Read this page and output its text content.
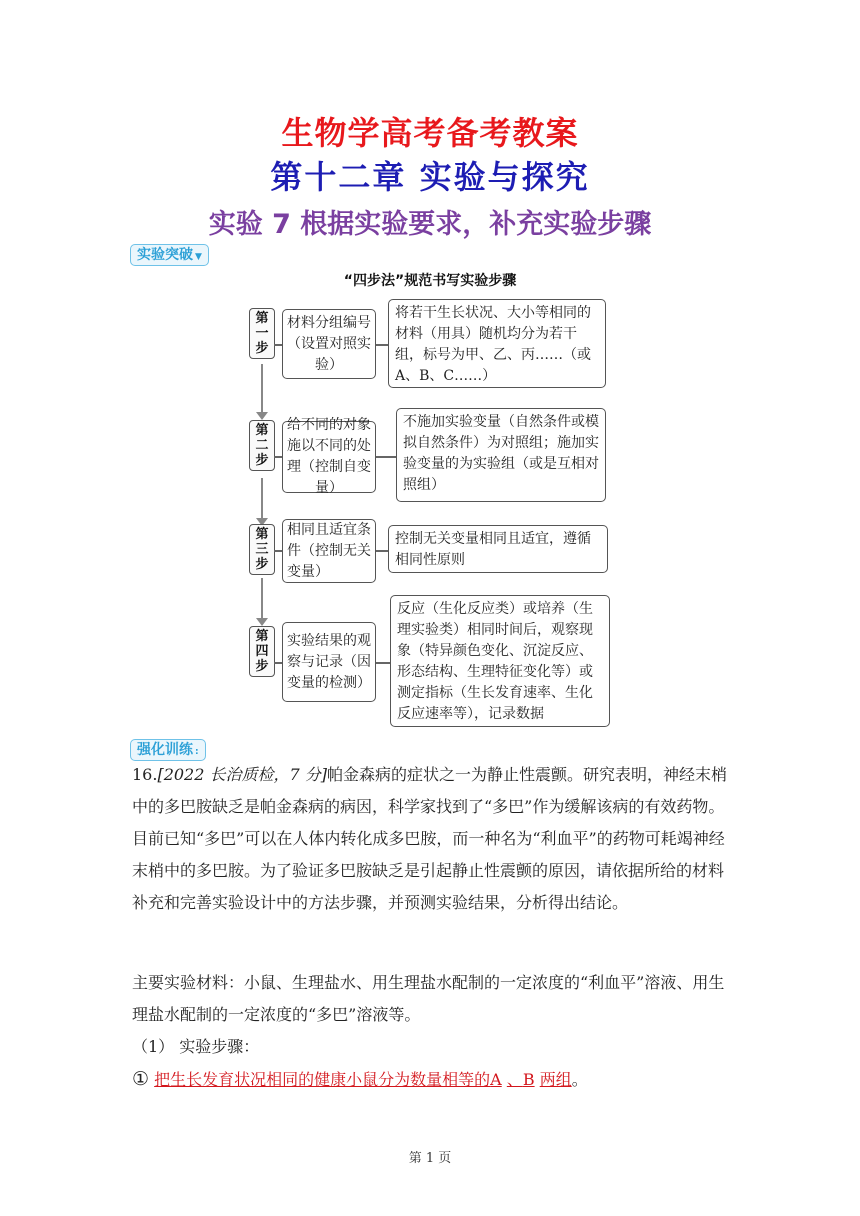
生物学高考备考教案
第十二章 实验与探究
实验 7 根据实验要求，补充实验步骤
实验突破 ▼
“四步法”规范书写实验步骤
第一步
材料分组编号（设置对照实验）
将若干生长状况、大小等相同的材料（用具）随机均分为若干组，标号为甲、乙、丙……（或A、B、C……）
第二步
给不同的对象施以不同的处理（控制自变量）
不施加实验变量（自然条件或模拟自然条件）为对照组；施加实验变量的为实验组（或是互相对照组）
第三步
相同且适宜条件（控制无关变量）
控制无关变量相同且适宜，遵循相同性原则
第四步
实验结果的观察与记录（因变量的检测）
反应（生化反应类）或培养（生理实验类）相同时间后，观察现象（特异颜色变化、沉淀反应、形态结构、生理特征变化等）或测定指标（生长发育速率、生化反应速率等），记录数据
强化训练 :
16.[2022 长治质检，7 分]帕金森病的症状之一为静止性震颤。研究表明，神经末梢中的多巴胺缺乏是帕金森病的病因，科学家找到了“多巴”作为缓解该病的有效药物。目前已知“多巴”可以在人体内转化成多巴胺，而一种名为“利血平”的药物可耗竭神经末梢中的多巴胺。为了验证多巴胺缺乏是引起静止性震颤的原因，请依据所给的材料补充和完善实验设计中的方法步骤，并预测实验结果，分析得出结论。
主要实验材料：小鼠、生理盐水、用生理盐水配制的一定浓度的“利血平”溶液、用生理盐水配制的一定浓度的“多巴”溶液等。
（1） 实验步骤：
① 把生长发育状况相同的健康小鼠分为数量相等的A 、B 两组。
第 1 页
